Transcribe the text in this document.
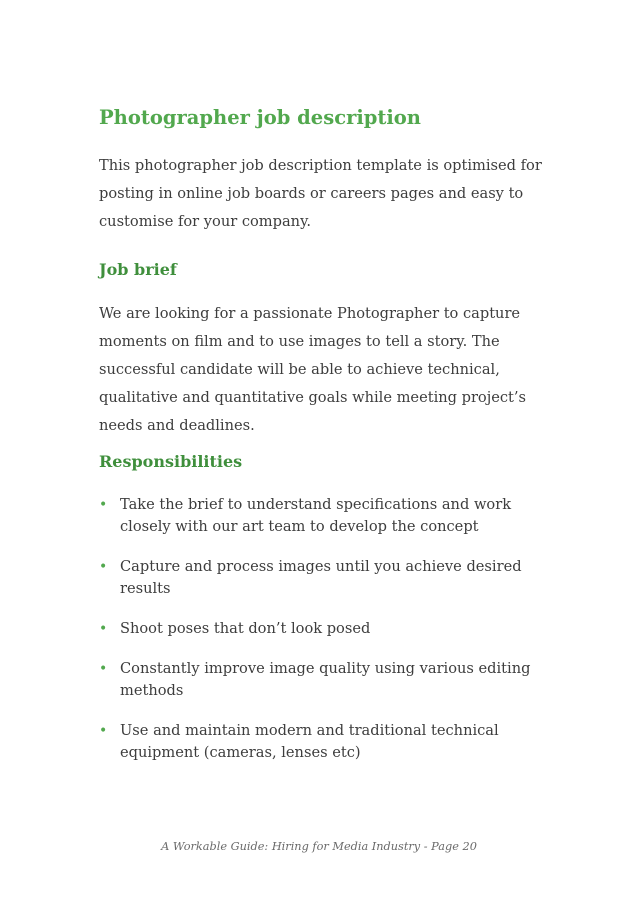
Photographer job description
This photographer job description template is optimised for
posting in online job boards or careers pages and easy to
customise for your company.
Job brief
We are looking for a passionate Photographer to capture
moments on film and to use images to tell a story. The
successful candidate will be able to achieve technical,
qualitative and quantitative goals while meeting project’s
needs and deadlines.
Responsibilities
• Take the brief to understand specifications and work
closely with our art team to develop the concept
• Capture and process images until you achieve desired
results
• Shoot poses that don’t look posed
• Constantly improve image quality using various editing
methods
• Use and maintain modern and traditional technical
equipment (cameras, lenses etc)
A Workable Guide: Hiring for Media Industry - Page 20
